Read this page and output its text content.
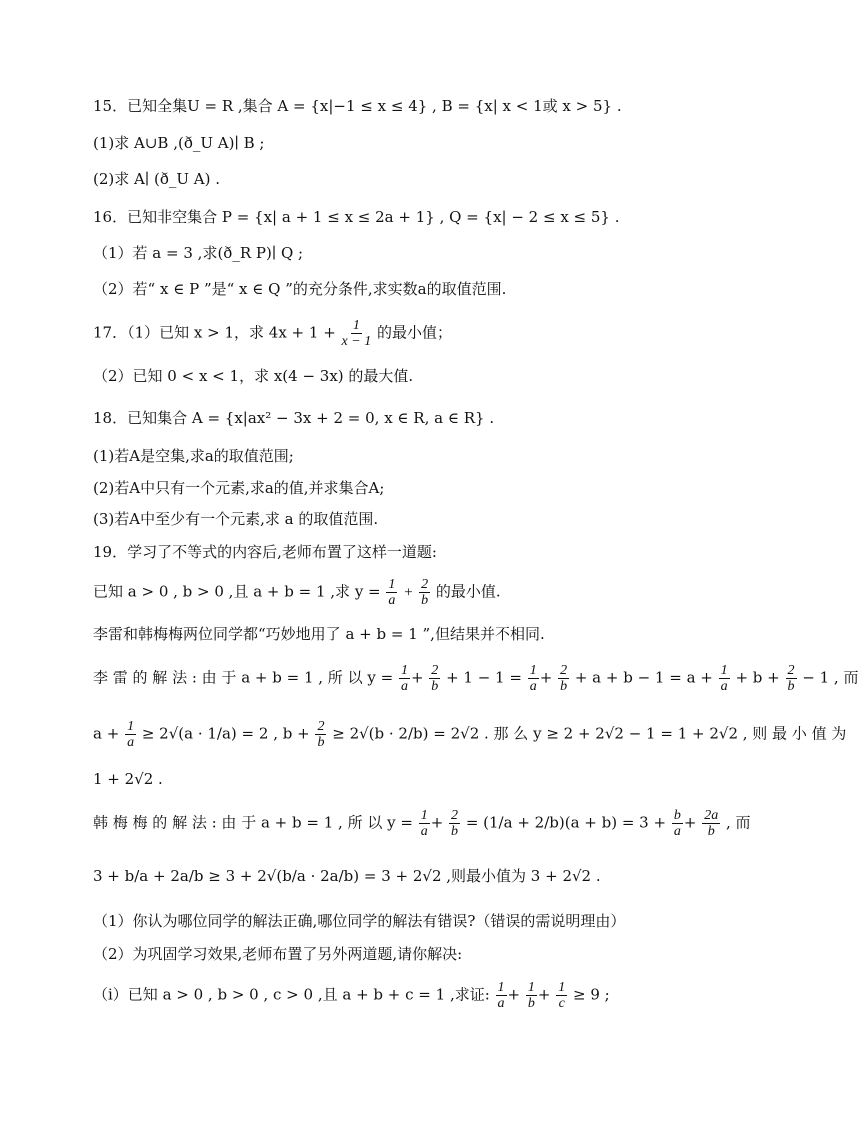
15．已知全集U = R ,集合 A = {x|−1 ≤ x ≤ 4} , B = {x| x < 1或 x > 5} .
(1)求 A∪B ,(ð_U A)∣ B ;
(2)求 A∣ (ð_U A) .
16．已知非空集合 P = {x| a + 1 ≤ x ≤ 2a + 1} , Q = {x| − 2 ≤ x ≤ 5} .
（1）若 a = 3 ,求(ð_R P)∣ Q ;
（2）若“ x ∈ P ”是“ x ∈ Q ”的充分条件,求实数a的取值范围.
17．（1）已知 x > 1，求 $4x + 1 + \frac{1}{x - 1}$ 的最小值；
（2）已知 0 < x < 1，求 x(4 − 3x) 的最大值.
18．已知集合 A = {x|ax² − 3x + 2 = 0, x ∈ R, a ∈ R} .
(1)若A是空集,求a的取值范围;
(2)若A中只有一个元素,求a的值,并求集合A;
(3)若A中至少有一个元素,求 a 的取值范围.
19．学习了不等式的内容后,老师布置了这样一道题:
已知 a > 0 , b > 0 ,且 a + b = 1 ,求 $y = \frac{1}{a} + \frac{2}{b}$ 的最小值.
李雷和韩梅梅两位同学都“巧妙地用了 a + b = 1 ”,但结果并不相同.
李 雷 的 解 法 : 由 于 a + b = 1 , 所 以 $y = \frac{1}{a} + \frac{2}{b} + 1 - 1 = \frac{1}{a} + \frac{2}{b} + a + b - 1 = a + \frac{1}{a} + b + \frac{2}{b} - 1$ , 而
$a + \frac{1}{a} \ge 2√(a \cdot 1/a) = 2$ , $b + \frac{2}{b} \ge 2√(b \cdot 2/b) = 2√2$ . 那 么 y ≥ 2 + 2√2 − 1 = 1 + 2√2 , 则 最 小 值 为
1 + 2√2 .
韩 梅 梅 的 解 法 : 由 于 a + b = 1 , 所 以 $y = \frac{1}{a} + \frac{2}{b} = (1/a + 2/b)(a + b) = 3 + \frac{b}{a} + \frac{2a}{b}$ , 而
3 + b/a + 2a/b ≥ 3 + 2√(b/a · 2a/b) = 3 + 2√2 ,则最小值为 3 + 2√2 .
（1）你认为哪位同学的解法正确,哪位同学的解法有错误?（错误的需说明理由）
（2）为巩固学习效果,老师布置了另外两道题,请你解决:
（i）已知 a > 0 , b > 0 , c > 0 ,且 a + b + c = 1 ,求证: $\frac{1}{a} + \frac{1}{b} + \frac{1}{c} \ge 9$ ;
